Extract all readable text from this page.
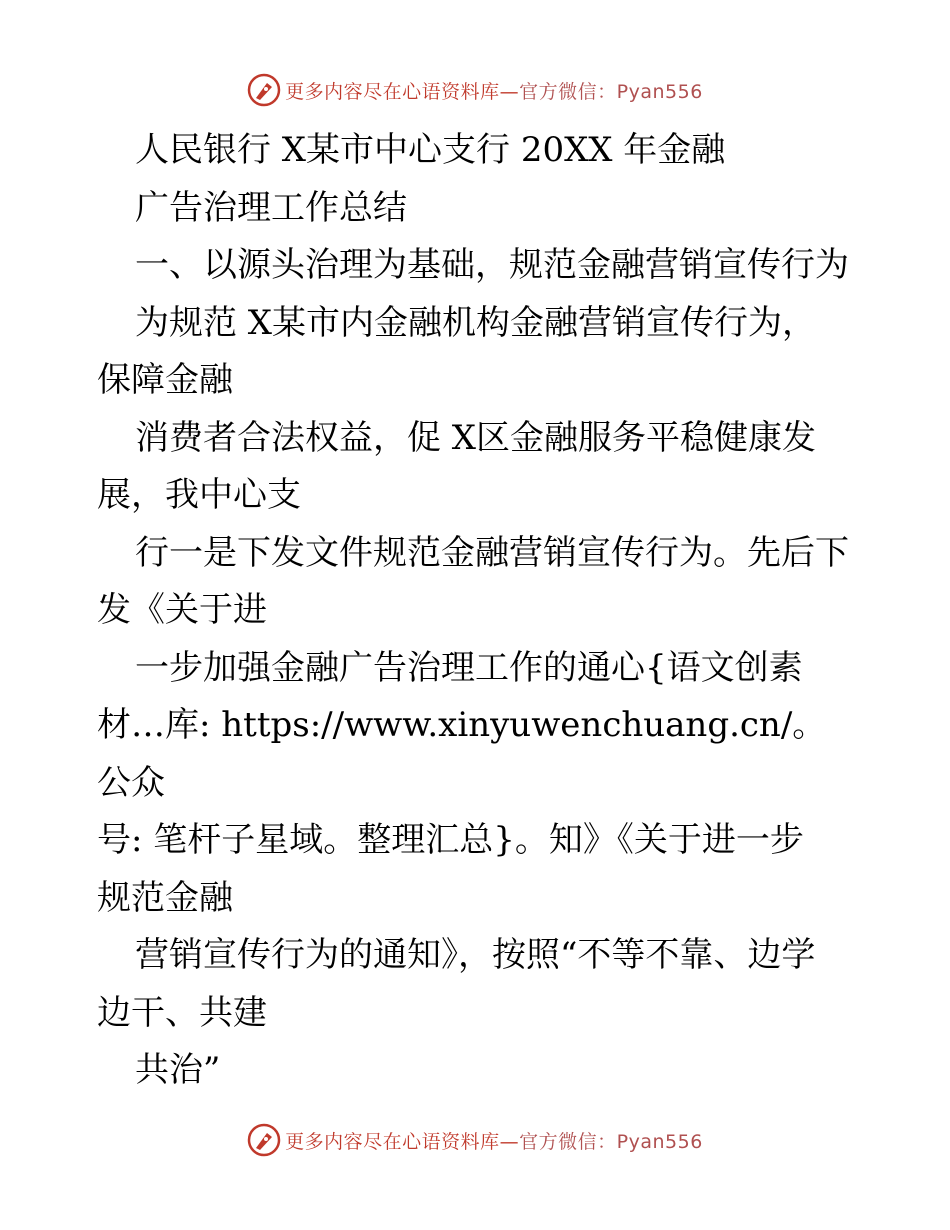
更多内容尽在心语资料库—官方微信：Pyan556

人民银行 X某市中心支行 20XX 年金融

广告治理工作总结

一、以源头治理为基础，规范金融营销宣传行为

为规范 X某市内金融机构金融营销宣传行为，

保障金融

消费者合法权益，促 X区金融服务平稳健康发

展，我中心支

行一是下发文件规范金融营销宣传行为。先后下

发《关于进

一步加强金融广告治理工作的通心{语文创素

材…库: https://www.xinyuwenchuang.cn/。公众

号: 笔杆子星域。整理汇总}。知》《关于进一步

规范金融

营销宣传行为的通知》，按照“不等不靠、边学

边干、共建

共治”

更多内容尽在心语资料库—官方微信：Pyan556
